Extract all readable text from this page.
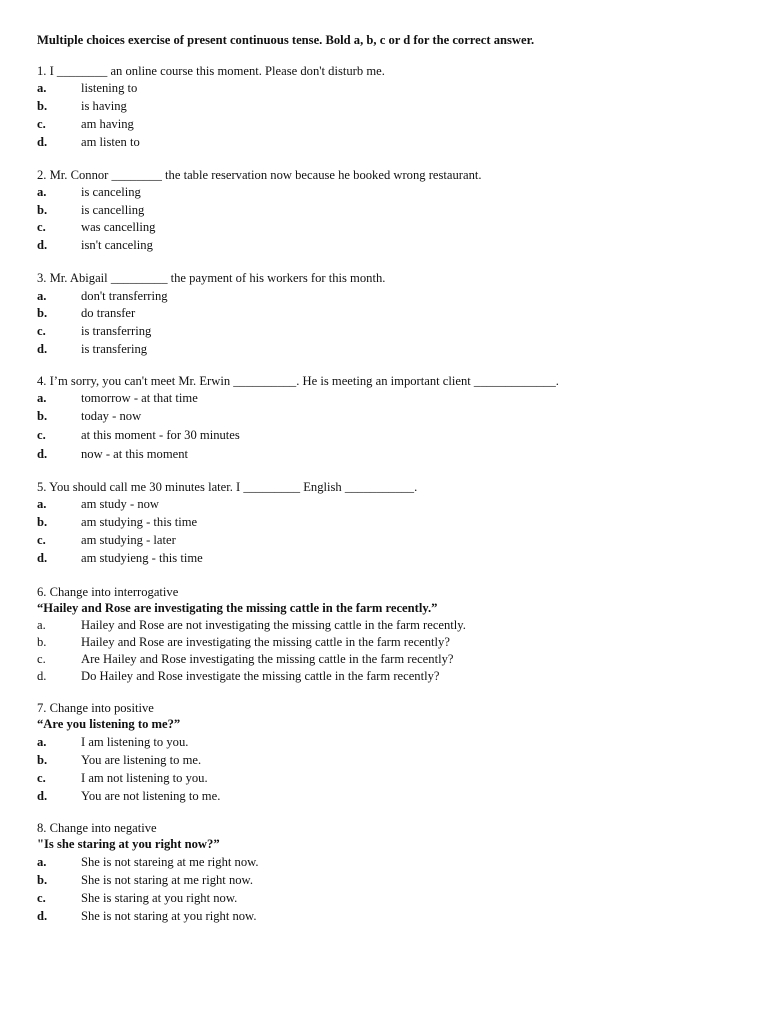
Multiple choices exercise of present continuous tense. Bold a, b, c or d for the correct answer.
1. I ________ an online course this moment. Please don't disturb me.
a.	listening to
b.	is having
c.	am having
d.	am listen to
2. Mr. Connor ________ the table reservation now because he booked wrong restaurant.
a.	is canceling
b.	is cancelling
c.	was cancelling
d.	isn't canceling
3. Mr. Abigail _________ the payment of his workers for this month.
a.	don't transferring
b.	do transfer
c.	is transferring
d.	is transfering
4. I’m sorry, you can't meet Mr. Erwin __________. He is meeting an important client _____________.
a.	tomorrow - at that time
b.	today - now
c.	at this moment - for 30 minutes
d.	now - at this moment
5. You should call me 30 minutes later. I _________ English ___________.
a.	am study - now
b.	am studying - this time
c.	am studying - later
d.	am studyieng - this time
6. Change into interrogative
“Hailey and Rose are investigating the missing cattle in the farm recently.”
a.	Hailey and Rose are not investigating the missing cattle in the farm recently.
b.	Hailey and Rose are investigating the missing cattle in the farm recently?
c.	Are Hailey and Rose investigating the missing cattle in the farm recently?
d.	Do Hailey and Rose investigate the missing cattle in the farm recently?
7. Change into positive
“Are you listening to me?”
a.	I am listening to you.
b.	You are listening to me.
c.	I am not listening to you.
d.	You are not listening to me.
8. Change into negative
"Is she staring at you right now?”
a.	She is not stareing at me right now.
b.	She is not staring at me right now.
c.	She is staring at you right now.
d.	She is not staring at you right now.
